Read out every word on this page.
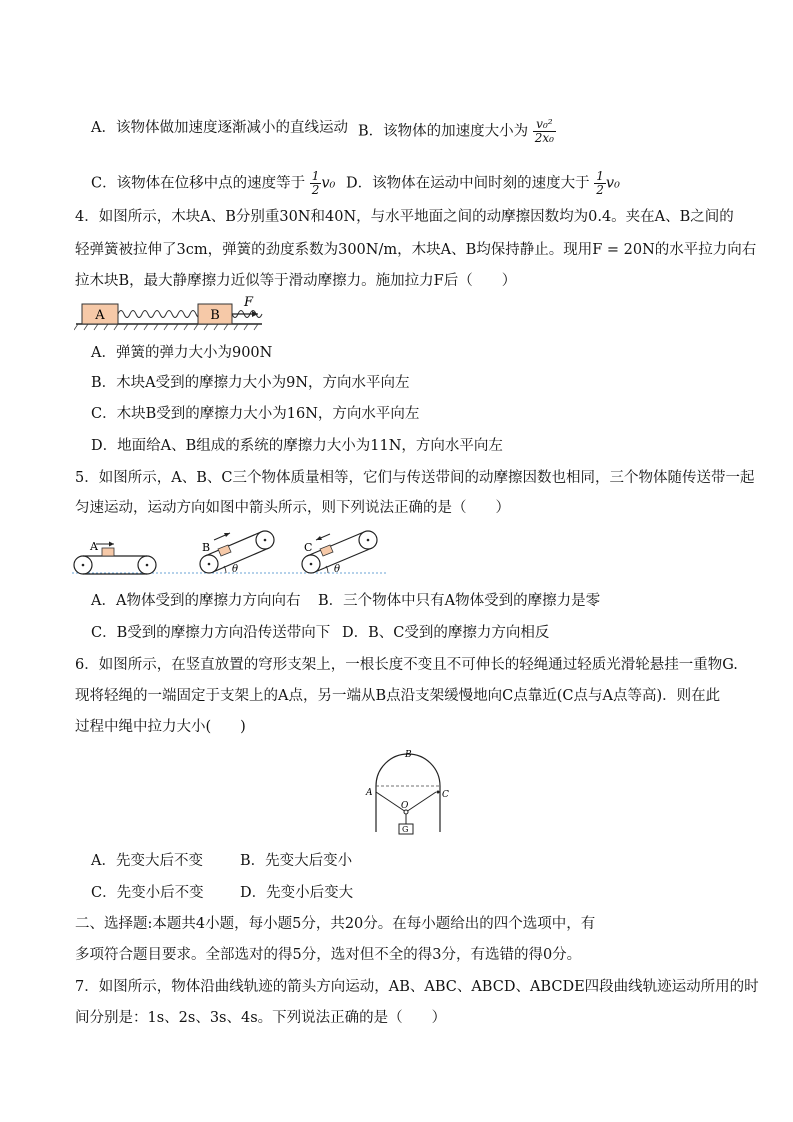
A．该物体做加速度逐渐减小的直线运动 B．该物体的加速度大小为 $\frac{\text{v₀²}}{\text{2x₀}}$
C．该物体在位移中点的速度等于 $\frac{1}{2} v_0$ D．该物体在运动中间时刻的速度大于 $\frac{1}{2} v_0$
4．如图所示，木块A、B分别重30N和40N，与水平地面之间的动摩擦因数均为0.4。夹在A、B之间的
轻弹簧被拉伸了3cm，弹簧的劲度系数为300N/m，木块A、B均保持静止。现用F = 20N的水平拉力向右
拉木块B，最大静摩擦力近似等于滑动摩擦力。施加拉力F后（　　）
A	B
F
A．弹簧的弹力大小为900N
B．木块A受到的摩擦力大小为9N，方向水平向左
C．木块B受到的摩擦力大小为16N，方向水平向左
D．地面给A、B组成的系统的摩擦力大小为11N，方向水平向左
5．如图所示，A、B、C三个物体质量相等，它们与传送带间的动摩擦因数也相同，三个物体随传送带一起
匀速运动，运动方向如图中箭头所示，则下列说法正确的是（　　）
A	B
θ
C
θ
A．A物体受到的摩擦力方向向右 B．三个物体中只有A物体受到的摩擦力是零
C．B受到的摩擦力方向沿传送带向下 D．B、C受到的摩擦力方向相反
6．如图所示，在竖直放置的穹形支架上，一根长度不变且不可伸长的轻绳通过轻质光滑轮悬挂一重物G.
现将轻绳的一端固定于支架上的A点，另一端从B点沿支架缓慢地向C点靠近(C点与A点等高)．则在此
过程中绳中拉力大小(　　)
B
A	C
O
G
A．先变大后不变	B．先变大后变小
C．先变小后不变	D．先变小后变大
二、选择题:本题共4小题，每小题5分，共20分。在每小题给出的四个选项中，有
多项符合题目要求。全部选对的得5分，选对但不全的得3分，有选错的得0分。
7．如图所示，物体沿曲线轨迹的箭头方向运动，AB、ABC、ABCD、ABCDE四段曲线轨迹运动所用的时
间分别是：1s、2s、3s、4s。下列说法正确的是（　　）
